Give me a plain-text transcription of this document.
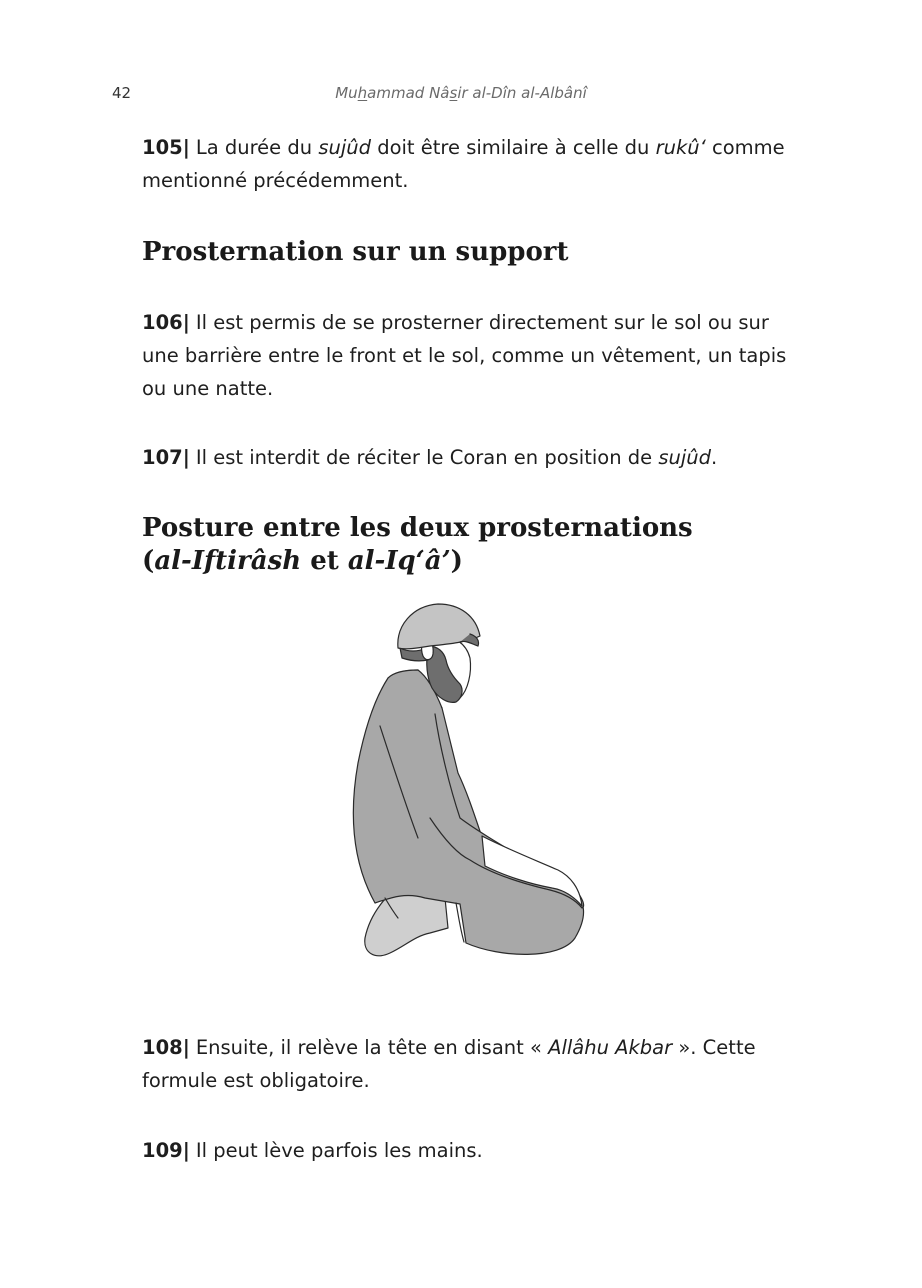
42	Muhammad Nâsir al-Dîn al-Albânî

105| La durée du sujûd doit être similaire à celle du rukû‘ comme mentionné précédemment.

Prosternation sur un support

106| Il est permis de se prosterner directement sur le sol ou sur une barrière entre le front et le sol, comme un vêtement, un tapis ou une natte.

107| Il est interdit de réciter le Coran en position de sujûd.

Posture entre les deux prosternations
(al-Iftirâsh et al-Iq‘â’)

108| Ensuite, il relève la tête en disant « Allâhu Akbar ». Cette formule est obligatoire.

109| Il peut lève parfois les mains.
